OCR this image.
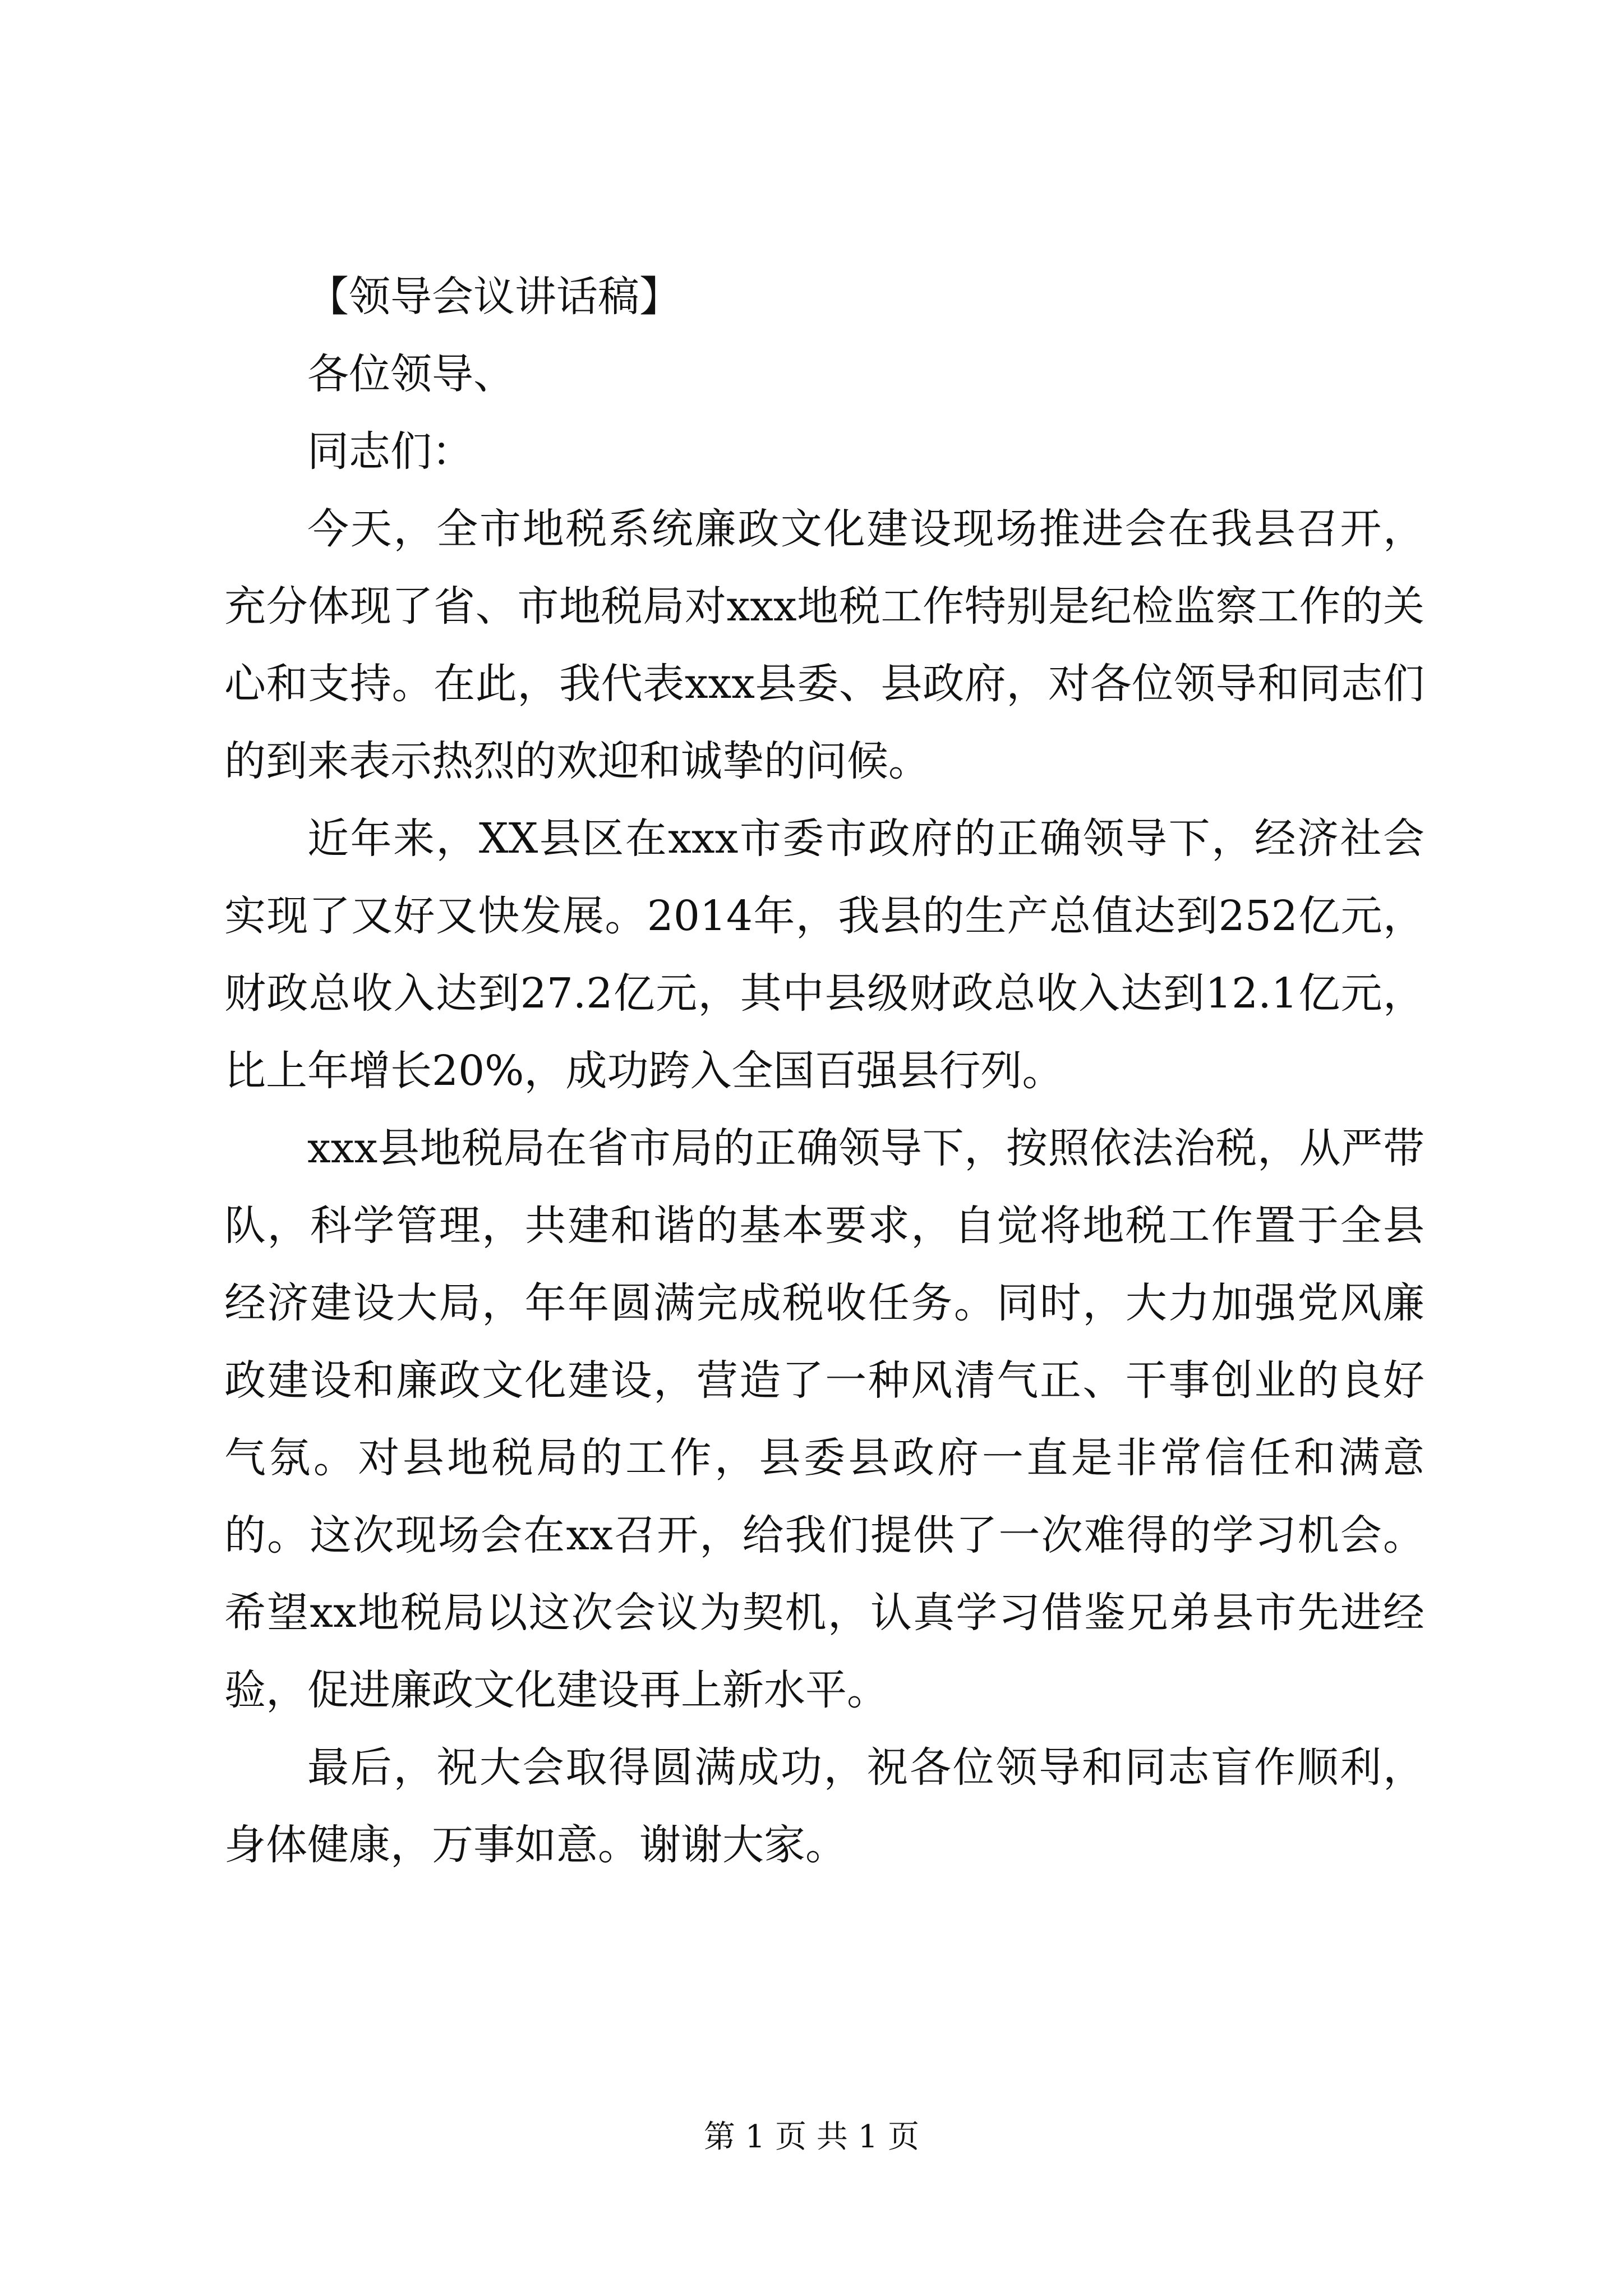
【领导会议讲话稿】

各位领导、

同志们：

今天，全市地税系统廉政文化建设现场推进会在我县召开，充分体现了省、市地税局对xxx地税工作特别是纪检监察工作的关心和支持。在此，我代表xxx县委、县政府，对各位领导和同志们的到来表示热烈的欢迎和诚挚的问候。

近年来，XX县区在xxx市委市政府的正确领导下，经济社会实现了又好又快发展。2014年，我县的生产总值达到252亿元，财政总收入达到27.2亿元，其中县级财政总收入达到12.1亿元，比上年增长20%，成功跨入全国百强县行列。

xxx县地税局在省市局的正确领导下，按照依法治税，从严带队，科学管理，共建和谐的基本要求，自觉将地税工作置于全县经济建设大局，年年圆满完成税收任务。同时，大力加强党风廉政建设和廉政文化建设，营造了一种风清气正、干事创业的良好气氛。对县地税局的工作，县委县政府一直是非常信任和满意的。这次现场会在xx召开，给我们提供了一次难得的学习机会。希望xx地税局以这次会议为契机，认真学习借鉴兄弟县市先进经验，促进廉政文化建设再上新水平。

最后，祝大会取得圆满成功，祝各位领导和同志盲作顺利，身体健康，万事如意。谢谢大家。

第 1 页 共 1 页
